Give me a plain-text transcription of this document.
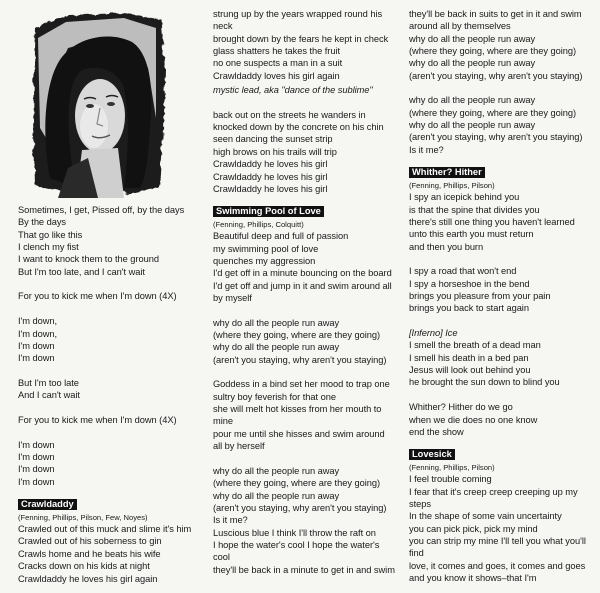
Sometimes, I get, Pissed off, by the days
By the days
That go like this
I clench my fist
I want to knock them to the ground
But I'm too late, and I can't wait
For you to kick me when I'm down (4X)
I'm down,
I'm down,
I'm down
I'm down
But I'm too late
And I can't wait
For you to kick me when I'm down (4X)
I'm down
I'm down
I'm down
I'm down
Crawldaddy
(Fenning, Phillips, Pilson, Few, Noyes)
Crawled out of this muck and slime it's him
Crawled out of his soberness to gin
Crawls home and he beats his wife
Cracks down on his kids at night
Crawldaddy he loves his girl again
strung up by the years wrapped round his
neck
brought down by the fears he kept in check
glass shatters he takes the fruit
no one suspects a man in a suit
Crawldaddy loves his girl again
mystic lead, aka "dance of the sublime"
back out on the streets he wanders in
knocked down by the concrete on his chin
seen dancing the sunset strip
high brows on his trails will trip
Crawldaddy he loves his girl
Crawldaddy he loves his girl
Crawldaddy he loves his girl
Swimming Pool of Love
(Fenning, Phillips, Colquitt)
Beautiful deep and full of passion
my swimming pool of love
quenches my aggression
I'd get off in a minute bouncing on the board
I'd get off and jump in it and swim around all
by myself
why do all the people run away
(where they going, where are they going)
why do all the people run away
(aren't you staying, why aren't you staying)
Goddess in a bind set her mood to trap one
sultry boy feverish for that one
she will melt hot kisses from her mouth to
mine
pour me until she hisses and swim around
all by herself
why do all the people run away
(where they going, where are they going)
why do all the people run away
(aren't you staying, why aren't you staying)
Is it me?
Luscious blue I think I'll throw the raft on
I hope the water's cool I hope the water's
cool
they'll be back in a minute to get in and swim
they'll be back in suits to get in it and swim
around all by themselves
why do all the people run away
(where they going, where are they going)
why do all the people run away
(aren't you staying, why aren't you staying)
why do all the people run away
(where they going, where are they going)
why do all the people run away
(aren't you staying, why aren't you staying)
Is it me?
Whither? Hither
(Fenning, Phillips, Pilson)
I spy an icepick behind you
is that the spine that divides you
there's still one thing you haven't learned
unto this earth you must return
and then you burn
I spy a road that won't end
I spy a horseshoe in the bend
brings you pleasure from your pain
brings you back to start again
[Inferno] Ice
I smell the breath of a dead man
I smell his death in a bed pan
Jesus will look out behind you
he brought the sun down to blind you
Whither? Hither do we go
when we die does no one know
end the show
Lovesick
(Fenning, Phillips, Pilson)
I feel trouble coming
I fear that it's creep creep creeping up my
steps
In the shape of some vain uncertainty
you can pick pick, pick my mind
you can strip my mine I'll tell you what you'll
find
love, it comes and goes, it comes and goes
and you know it shows–that I'm
